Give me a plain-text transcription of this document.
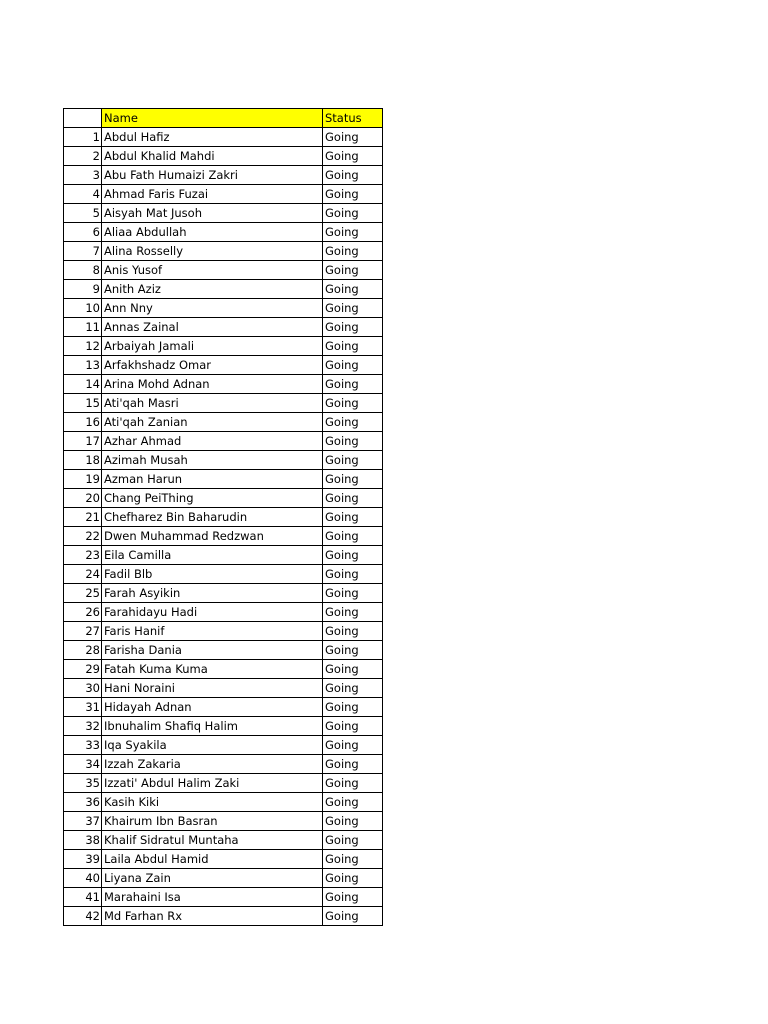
	Name	Status
1	Abdul Hafiz	Going
2	Abdul Khalid Mahdi	Going
3	Abu Fath Humaizi Zakri	Going
4	Ahmad Faris Fuzai	Going
5	Aisyah Mat Jusoh	Going
6	Aliaa Abdullah	Going
7	Alina Rosselly	Going
8	Anis Yusof	Going
9	Anith Aziz	Going
10	Ann Nny	Going
11	Annas Zainal	Going
12	Arbaiyah Jamali	Going
13	Arfakhshadz Omar	Going
14	Arina Mohd Adnan	Going
15	Ati'qah Masri	Going
16	Ati'qah Zanian	Going
17	Azhar Ahmad	Going
18	Azimah Musah	Going
19	Azman Harun	Going
20	Chang PeiThing	Going
21	Chefharez Bin Baharudin	Going
22	Dwen Muhammad Redzwan	Going
23	Eila Camilla	Going
24	Fadil Blb	Going
25	Farah Asyikin	Going
26	Farahidayu Hadi	Going
27	Faris Hanif	Going
28	Farisha Dania	Going
29	Fatah Kuma Kuma	Going
30	Hani Noraini	Going
31	Hidayah Adnan	Going
32	Ibnuhalim Shafiq Halim	Going
33	Iqa Syakila	Going
34	Izzah Zakaria	Going
35	Izzati' Abdul Halim Zaki	Going
36	Kasih Kiki	Going
37	Khairum Ibn Basran	Going
38	Khalif Sidratul Muntaha	Going
39	Laila Abdul Hamid	Going
40	Liyana Zain	Going
41	Marahaini Isa	Going
42	Md Farhan Rx	Going
